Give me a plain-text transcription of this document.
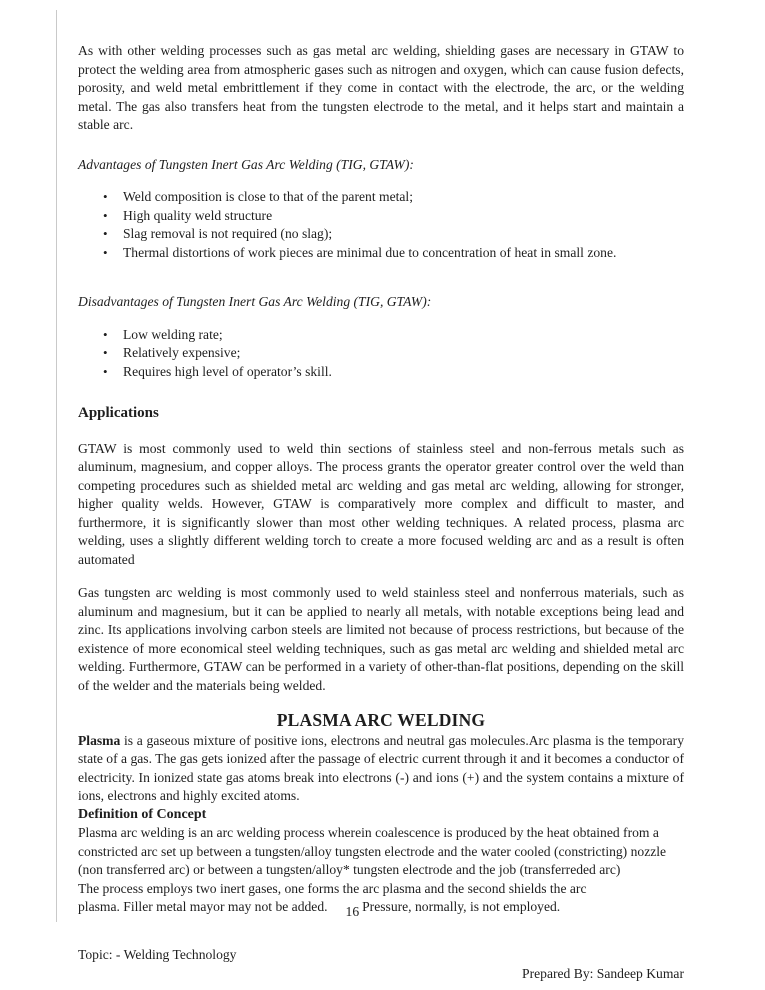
As with other welding processes such as gas metal arc welding, shielding gases are necessary in GTAW to protect the welding area from atmospheric gases such as nitrogen and oxygen, which can cause fusion defects, porosity, and weld metal embrittlement if they come in contact with the electrode, the arc, or the welding metal. The gas also transfers heat from the tungsten electrode to the metal, and it helps start and maintain a stable arc.

Advantages of Tungsten Inert Gas Arc Welding (TIG, GTAW):

• Weld composition is close to that of the parent metal;
• High quality weld structure
• Slag removal is not required (no slag);
• Thermal distortions of work pieces are minimal due to concentration of heat in small zone.

Disadvantages of Tungsten Inert Gas Arc Welding (TIG, GTAW):

• Low welding rate;
• Relatively expensive;
• Requires high level of operator’s skill.

Applications

GTAW is most commonly used to weld thin sections of stainless steel and non-ferrous metals such as aluminum, magnesium, and copper alloys. The process grants the operator greater control over the weld than competing procedures such as shielded metal arc welding and gas metal arc welding, allowing for stronger, higher quality welds. However, GTAW is comparatively more complex and difficult to master, and furthermore, it is significantly slower than most other welding techniques. A related process, plasma arc welding, uses a slightly different welding torch to create a more focused welding arc and as a result is often automated

Gas tungsten arc welding is most commonly used to weld stainless steel and nonferrous materials, such as aluminum and magnesium, but it can be applied to nearly all metals, with notable exceptions being lead and zinc. Its applications involving carbon steels are limited not because of process restrictions, but because of the existence of more economical steel welding techniques, such as gas metal arc welding and shielded metal arc welding. Furthermore, GTAW can be performed in a variety of other-than-flat positions, depending on the skill of the welder and the materials being welded.

PLASMA ARC WELDING

Plasma is a gaseous mixture of positive ions, electrons and neutral gas molecules.Arc plasma is the temporary state of a gas. The gas gets ionized after the passage of electric current through it and it becomes a conductor of electricity. In ionized state gas atoms break into electrons (-) and ions (+) and the system contains a mixture of ions, electrons and highly excited atoms.

Definition of Concept

Plasma arc welding is an arc welding process wherein coalescence is produced by the heat obtained from a constricted arc set up between a tungsten/alloy tungsten electrode and the water cooled (constricting) nozzle (non transferred arc) or between a tungsten/alloy* tungsten electrode and the job (transferreded arc)

The process employs two inert gases, one forms the arc plasma and the second shields the arc
plasma. Filler metal mayor may not be added. 16 Pressure, normally, is not employed.

Topic: - Welding Technology

Prepared By: Sandeep Kumar
